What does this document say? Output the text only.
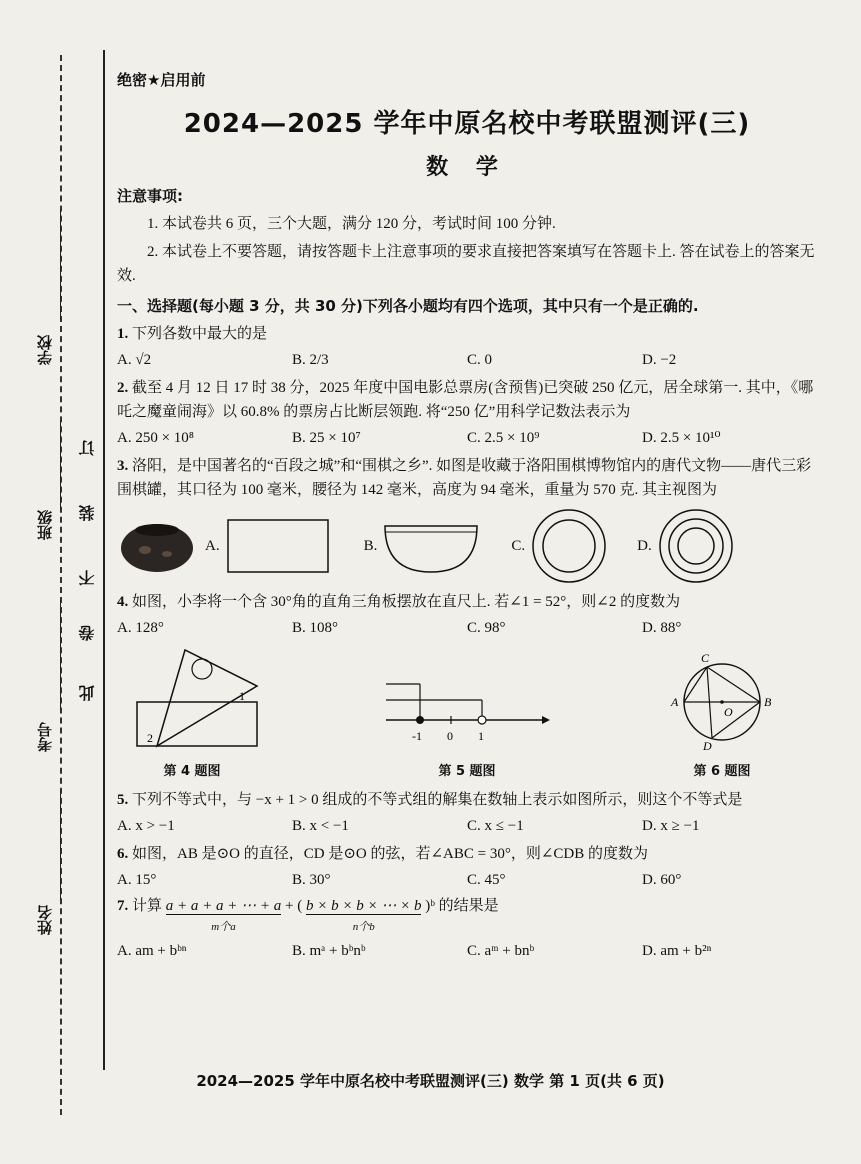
学校
班级
考号
姓名
订
装
不
卷
此
绝密★启用前
2024—2025 学年中原名校中考联盟测评(三)
数 学
注意事项:
1. 本试卷共 6 页，三个大题，满分 120 分，考试时间 100 分钟.
2. 本试卷上不要答题，请按答题卡上注意事项的要求直接把答案填写在答题卡上. 答在试卷上的答案无效.
一、选择题(每小题 3 分，共 30 分)下列各小题均有四个选项，其中只有一个是正确的.
1. 下列各数中最大的是
A. √2	B. 2/3	C. 0	D. −2
2. 截至 4 月 12 日 17 时 38 分，2025 年度中国电影总票房(含预售)已突破 250 亿元，居全球第一. 其中，《哪吒之魔童闹海》以 60.8% 的票房占比断层领跑. 将“250 亿”用科学记数法表示为
A. 250 × 10⁸	B. 25 × 10⁷	C. 2.5 × 10⁹	D. 2.5 × 10¹⁰
3. 洛阳，是中国著名的“百段之城”和“围棋之乡”. 如图是收藏于洛阳围棋博物馆内的唐代文物——唐代三彩围棋罐，其口径为 100 毫米，腰径为 142 毫米，高度为 94 毫米，重量为 570 克. 其主视图为
A.	B.	C.	D.
4. 如图，小李将一个含 30°角的直角三角板摆放在直尺上. 若∠1 = 52°，则∠2 的度数为
A. 128°	B. 108°	C. 98°	D. 88°
1
2
第 4 题图
-1 0 1
第 5 题图
C
A	B
D
O
第 6 题图
5. 下列不等式中，与 −x + 1 > 0 组成的不等式组的解集在数轴上表示如图所示，则这个不等式是
A. x > −1	B. x < −1	C. x ≤ −1	D. x ≥ −1
6. 如图，AB 是⊙O 的直径，CD 是⊙O 的弦，若∠ABC = 30°，则∠CDB 的度数为
A. 15°	B. 30°	C. 45°	D. 60°
7. 计算 a + a + a + ⋯ + a
m个a + ( b × b × b × ⋯ × b
n个b )ᵇ 的结果是
A. am + bᵇⁿ	B. mᵃ + bᵇnᵇ	C. aᵐ + bnᵇ	D. am + b²ⁿ
2024—2025 学年中原名校中考联盟测评(三) 数学 第 1 页(共 6 页)
